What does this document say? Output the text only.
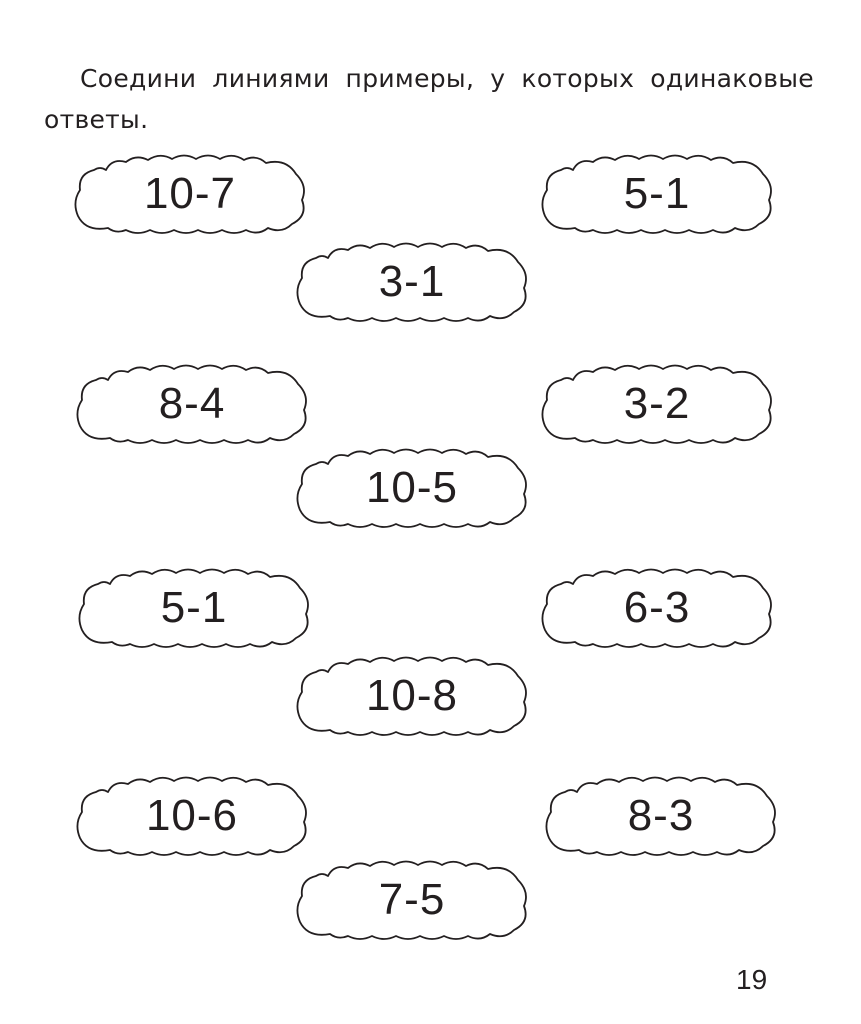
Соедини линиями примеры, у которых одинаковые ответы.

10-7	5-1
3-1
8-4	3-2
10-5
5-1	6-3
10-8
10-6	8-3
7-5
19
